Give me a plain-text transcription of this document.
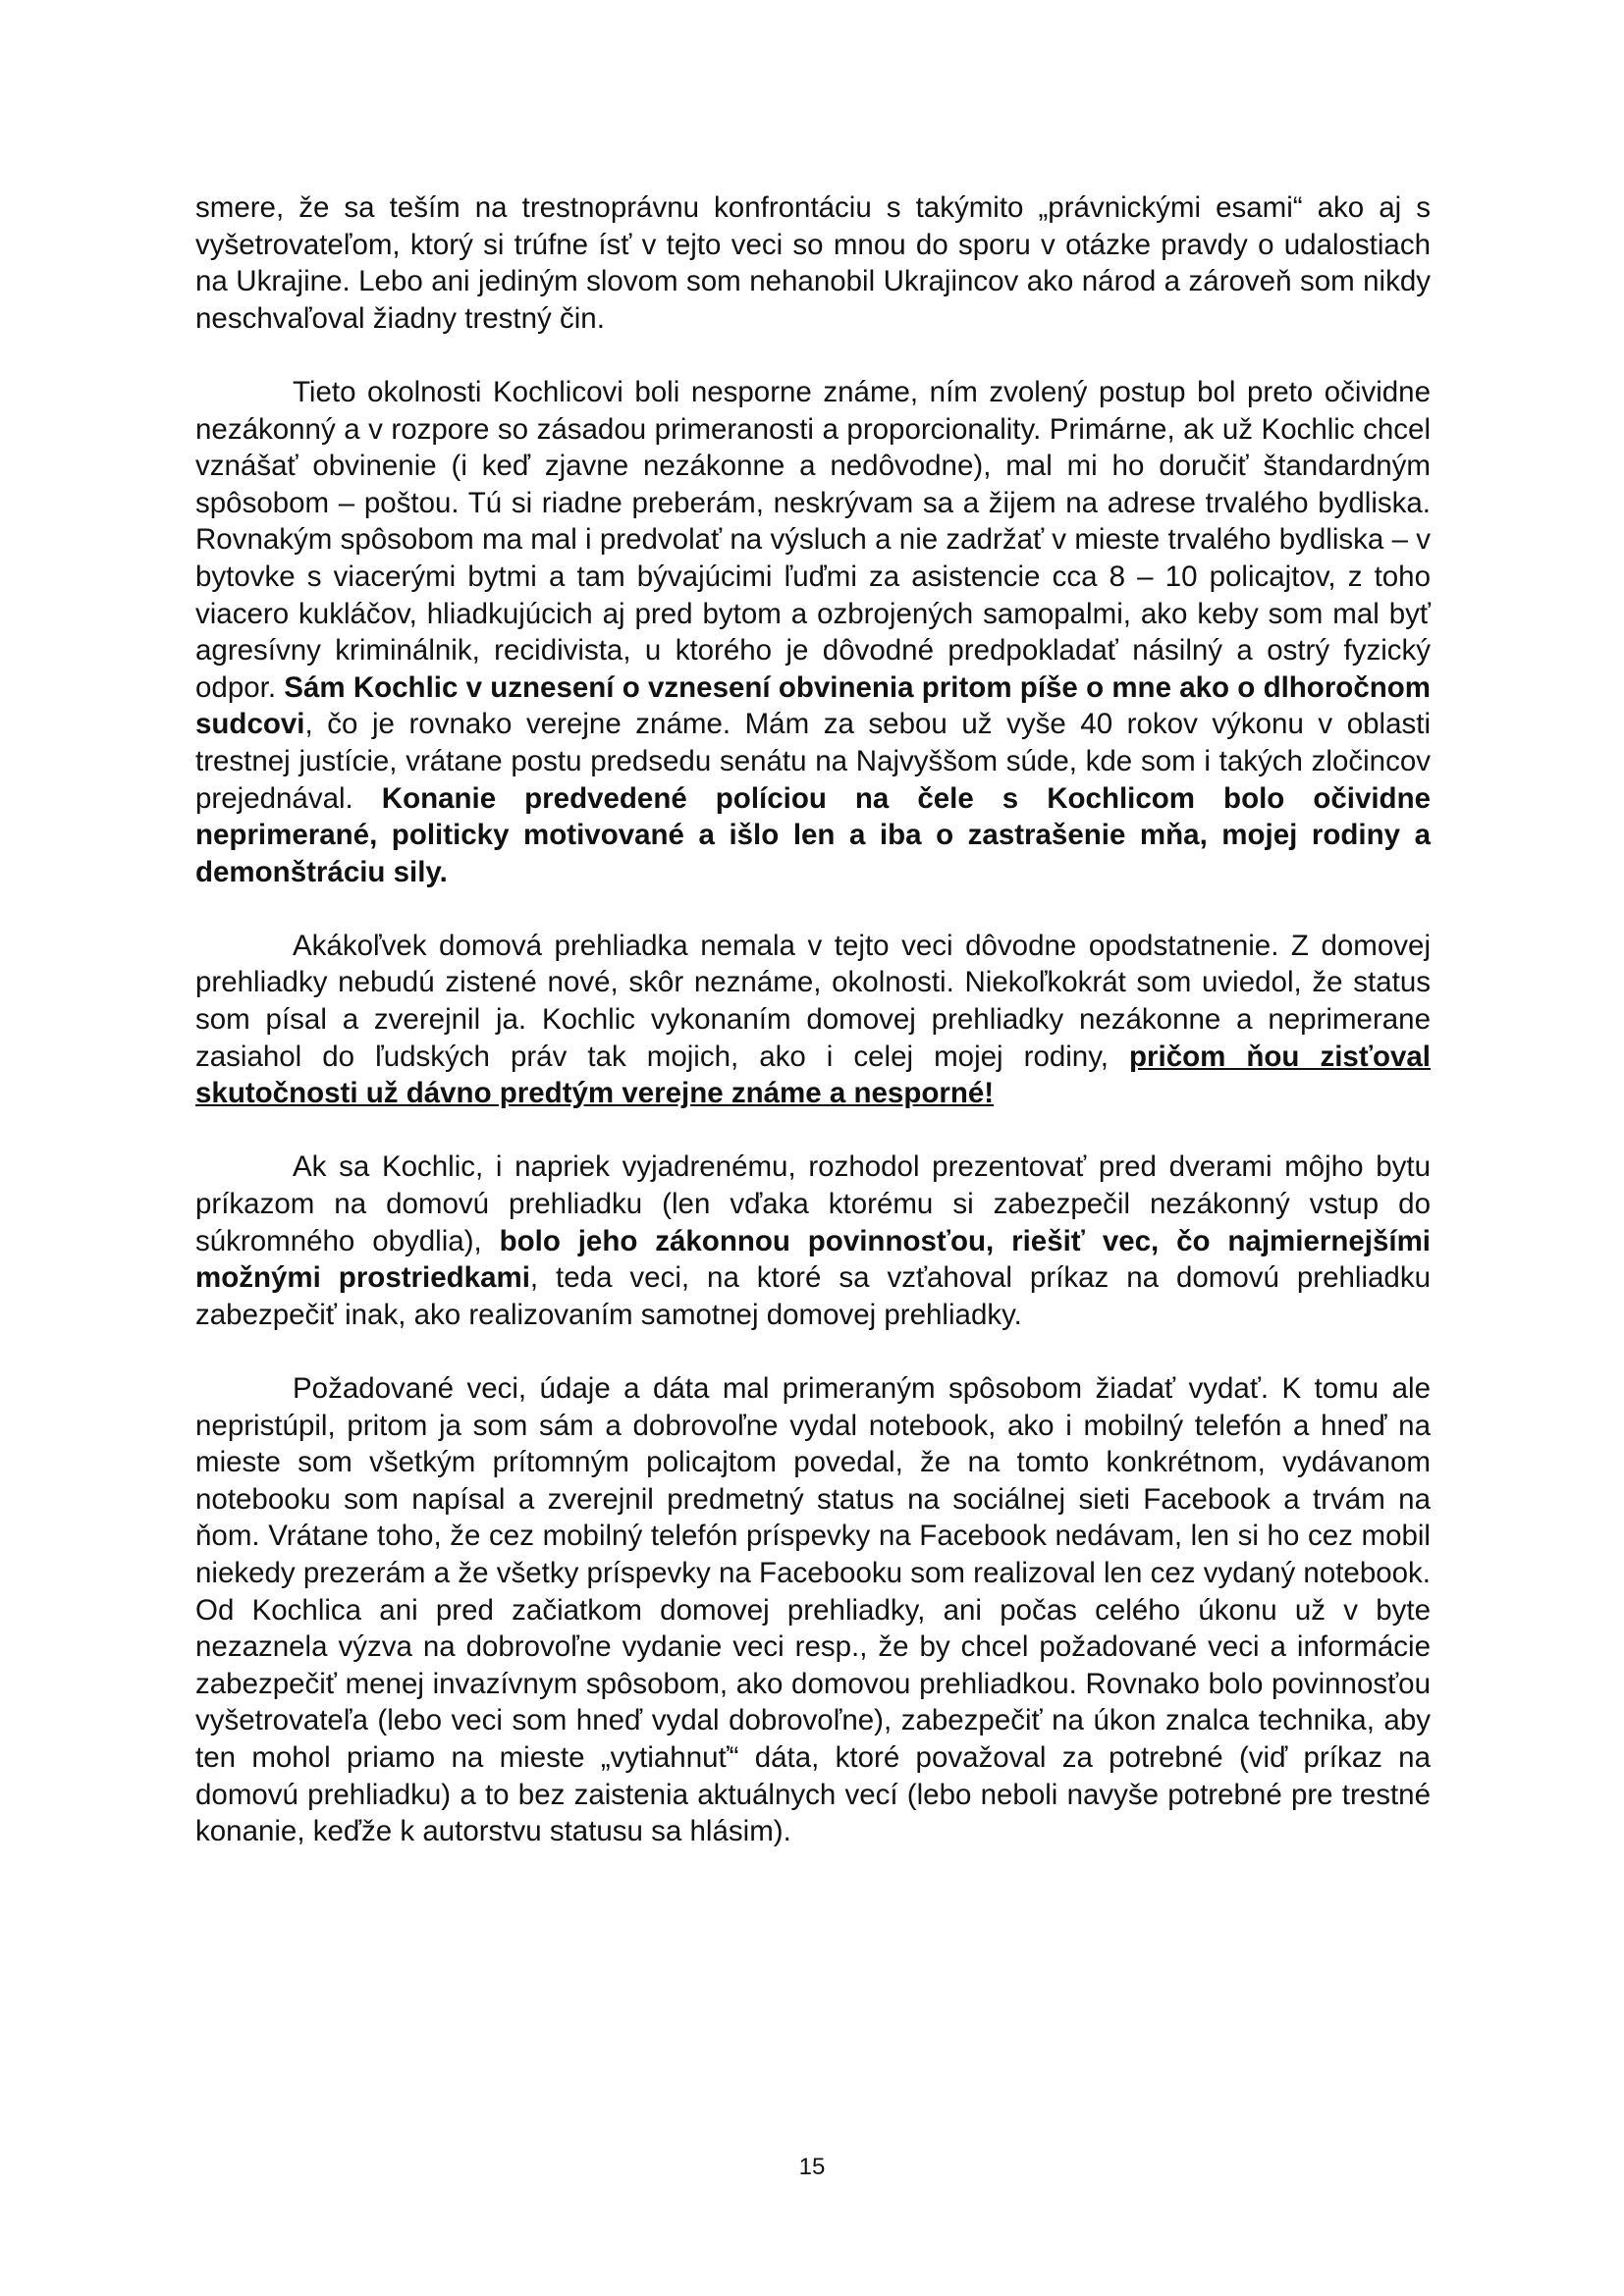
smere, že sa teším na trestnoprávnu konfrontáciu s takýmito „právnickými esami“ ako aj s vyšetrovateľom, ktorý si trúfne ísť v tejto veci so mnou do sporu v otázke pravdy o udalostiach na Ukrajine. Lebo ani jediným slovom som nehanobil Ukrajincov ako národ a zároveň som nikdy neschvaľoval žiadny trestný čin.

Tieto okolnosti Kochlicovi boli nesporne známe, ním zvolený postup bol preto očividne nezákonný a v rozpore so zásadou primeranosti a proporcionality. Primárne, ak už Kochlic chcel vznášať obvinenie (i keď zjavne nezákonne a nedôvodne), mal mi ho doručiť štandardným spôsobom – poštou. Tú si riadne preberám, neskrývam sa a žijem na adrese trvalého bydliska. Rovnakým spôsobom ma mal i predvolať na výsluch a nie zadržať v mieste trvalého bydliska – v bytovke s viacerými bytmi a tam bývajúcimi ľuďmi za asistencie cca 8 – 10 policajtov, z toho viacero kukláčov, hliadkujúcich aj pred bytom a ozbrojených samopalmi, ako keby som mal byť agresívny kriminálnik, recidivista, u ktorého je dôvodné predpokladať násilný a ostrý fyzický odpor. Sám Kochlic v uznesení o vznesení obvinenia pritom píše o mne ako o dlhoročnom sudcovi, čo je rovnako verejne známe. Mám za sebou už vyše 40 rokov výkonu v oblasti trestnej justície, vrátane postu predsedu senátu na Najvyššom súde, kde som i takých zločincov prejednával. Konanie predvedené políciou na čele s Kochlicom bolo očividne neprimerané, politicky motivované a išlo len a iba o zastrašenie mňa, mojej rodiny a demonštráciu sily.

Akákoľvek domová prehliadka nemala v tejto veci dôvodne opodstatnenie. Z domovej prehliadky nebudú zistené nové, skôr neznáme, okolnosti. Niekoľkokrát som uviedol, že status som písal a zverejnil ja. Kochlic vykonaním domovej prehliadky nezákonne a neprimerane zasiahol do ľudských práv tak mojich, ako i celej mojej rodiny, pričom ňou zisťoval skutočnosti už dávno predtým verejne známe a nesporné!

Ak sa Kochlic, i napriek vyjadrenému, rozhodol prezentovať pred dverami môjho bytu príkazom na domovú prehliadku (len vďaka ktorému si zabezpečil nezákonný vstup do súkromného obydlia), bolo jeho zákonnou povinnosťou, riešiť vec, čo najmiernejšími možnými prostriedkami, teda veci, na ktoré sa vzťahoval príkaz na domovú prehliadku zabezpečiť inak, ako realizovaním samotnej domovej prehliadky.

Požadované veci, údaje a dáta mal primeraným spôsobom žiadať vydať. K tomu ale nepristúpil, pritom ja som sám a dobrovoľne vydal notebook, ako i mobilný telefón a hneď na mieste som všetkým prítomným policajtom povedal, že na tomto konkrétnom, vydávanom notebooku som napísal a zverejnil predmetný status na sociálnej sieti Facebook a trvám na ňom. Vrátane toho, že cez mobilný telefón príspevky na Facebook nedávam, len si ho cez mobil niekedy prezerám a že všetky príspevky na Facebooku som realizoval len cez vydaný notebook. Od Kochlica ani pred začiatkom domovej prehliadky, ani počas celého úkonu už v byte nezaznela výzva na dobrovoľne vydanie veci resp., že by chcel požadované veci a informácie zabezpečiť menej invazívnym spôsobom, ako domovou prehliadkou. Rovnako bolo povinnosťou vyšetrovateľa (lebo veci som hneď vydal dobrovoľne), zabezpečiť na úkon znalca technika, aby ten mohol priamo na mieste „vytiahnuť“ dáta, ktoré považoval za potrebné (viď príkaz na domovú prehliadku) a to bez zaistenia aktuálnych vecí (lebo neboli navyše potrebné pre trestné konanie, keďže k autorstvu statusu sa hlásim).

15
